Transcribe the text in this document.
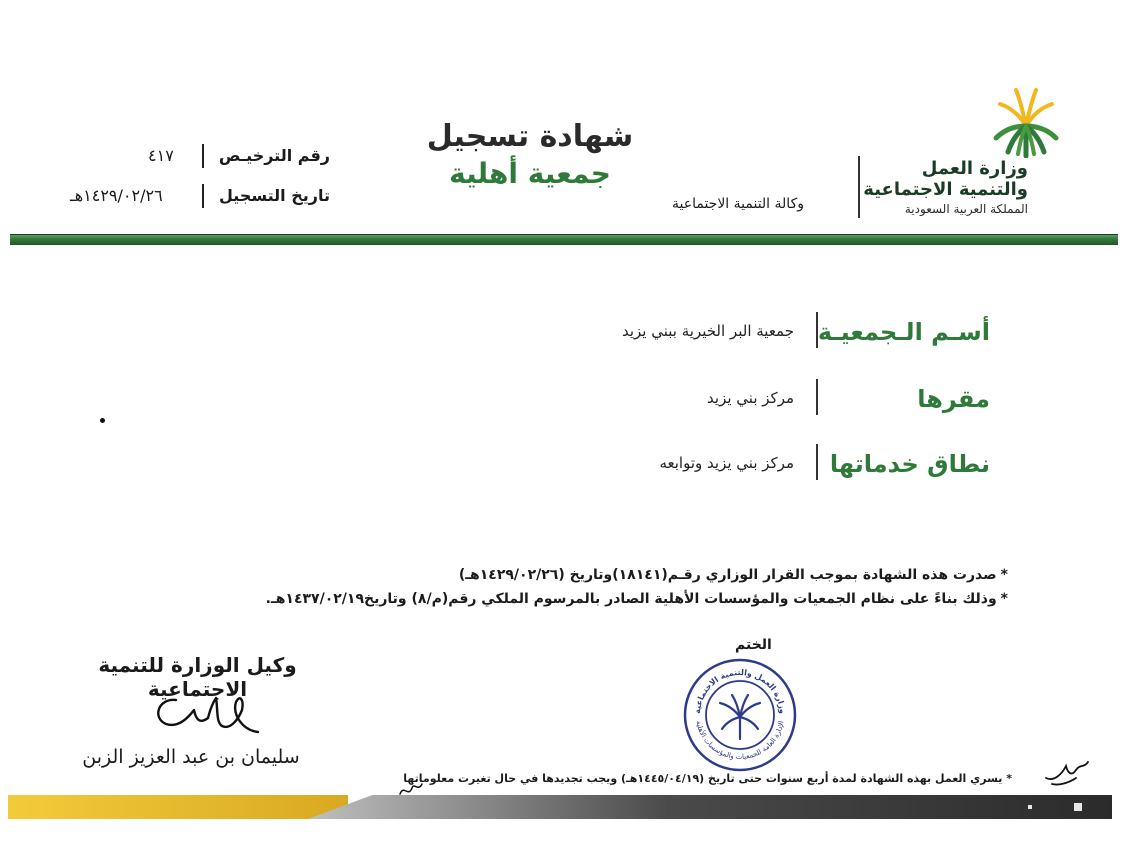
وزارة العمل
والتنمية الاجتماعية
المملكة العربية السعودية
وكالة التنمية الاجتماعية
شهادة تسجيل
جمعية أهلية
رقم الترخيـص
٤١٧
تاريخ التسجيل
١٤٢٩/٠٢/٢٦هـ
أسـم الـجمعيـة
جمعية البر الخيرية ببني يزيد
مقرها
مركز بني يزيد
نطاق خدماتها
مركز بني يزيد وتوابعه
*صدرت هذه الشهادة بموجب القرار الوزاري رقـم(١٨١٤١)وتاريخ (١٤٢٩/٠٢/٢٦هـ)
*وذلك بناءً على نظام الجمعيات والمؤسسات الأهلية الصادر بالمرسوم الملكي رقم(م/٨) وتاريخ١٤٣٧/٠٢/١٩هـ.
الختم
وزارة العمل والتنمية الاجتماعية
الإدارة العامة للجمعيات والمؤسسات الأهلية
وكيل الوزارة للتنمية الاجتماعية
سليمان بن عبد العزيز الزبن
* يسري العمل بهذه الشهادة لمدة أربع سنوات حتى تاريخ (١٤٤٥/٠٤/١٩هـ) ويجب تجديدها في حال تغيرت معلوماتها
